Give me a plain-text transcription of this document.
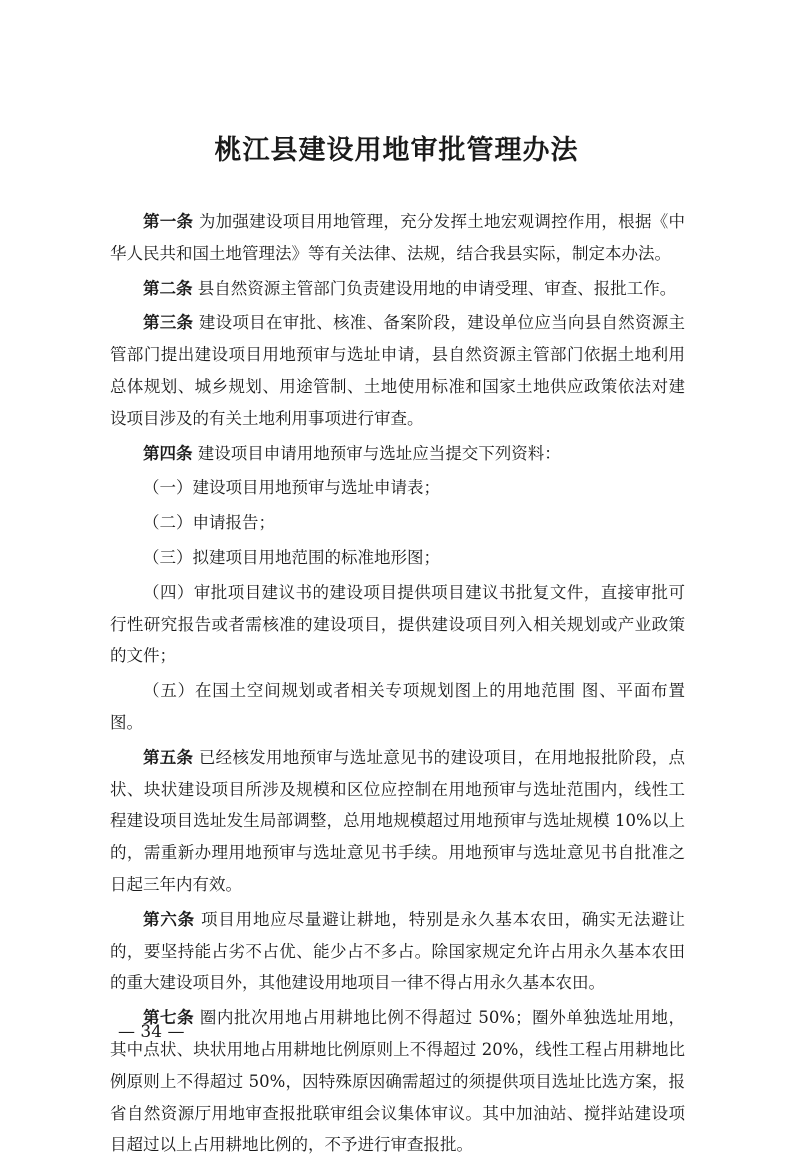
桃江县建设用地审批管理办法

第一条 为加强建设项目用地管理，充分发挥土地宏观调控作用，根据《中华人民共和国土地管理法》等有关法律、法规，结合我县实际，制定本办法。

第二条 县自然资源主管部门负责建设用地的申请受理、审查、报批工作。

第三条 建设项目在审批、核准、备案阶段，建设单位应当向县自然资源主管部门提出建设项目用地预审与选址申请，县自然资源主管部门依据土地利用总体规划、城乡规划、用途管制、土地使用标准和国家土地供应政策依法对建设项目涉及的有关土地利用事项进行审查。

第四条 建设项目申请用地预审与选址应当提交下列资料：

（一）建设项目用地预审与选址申请表；

（二）申请报告；

（三）拟建项目用地范围的标准地形图；

（四）审批项目建议书的建设项目提供项目建议书批复文件，直接审批可行性研究报告或者需核准的建设项目，提供建设项目列入相关规划或产业政策的文件；

（五）在国土空间规划或者相关专项规划图上的用地范围 图、平面布置图。

第五条 已经核发用地预审与选址意见书的建设项目，在用地报批阶段，点状、块状建设项目所涉及规模和区位应控制在用地预审与选址范围内，线性工程建设项目选址发生局部调整，总用地规模超过用地预审与选址规模 10%以上的，需重新办理用地预审与选址意见书手续。用地预审与选址意见书自批准之日起三年内有效。

第六条 项目用地应尽量避让耕地，特别是永久基本农田，确实无法避让的，要坚持能占劣不占优、能少占不多占。除国家规定允许占用永久基本农田的重大建设项目外，其他建设用地项目一律不得占用永久基本农田。

第七条 圈内批次用地占用耕地比例不得超过 50%；圈外单独选址用地，其中点状、块状用地占用耕地比例原则上不得超过 20%，线性工程占用耕地比例原则上不得超过 50%，因特殊原因确需超过的须提供项目选址比选方案，报省自然资源厅用地审查报批联审组会议集体审议。其中加油站、搅拌站建设项目超过以上占用耕地比例的，不予进行审查报批。

— 34 —
